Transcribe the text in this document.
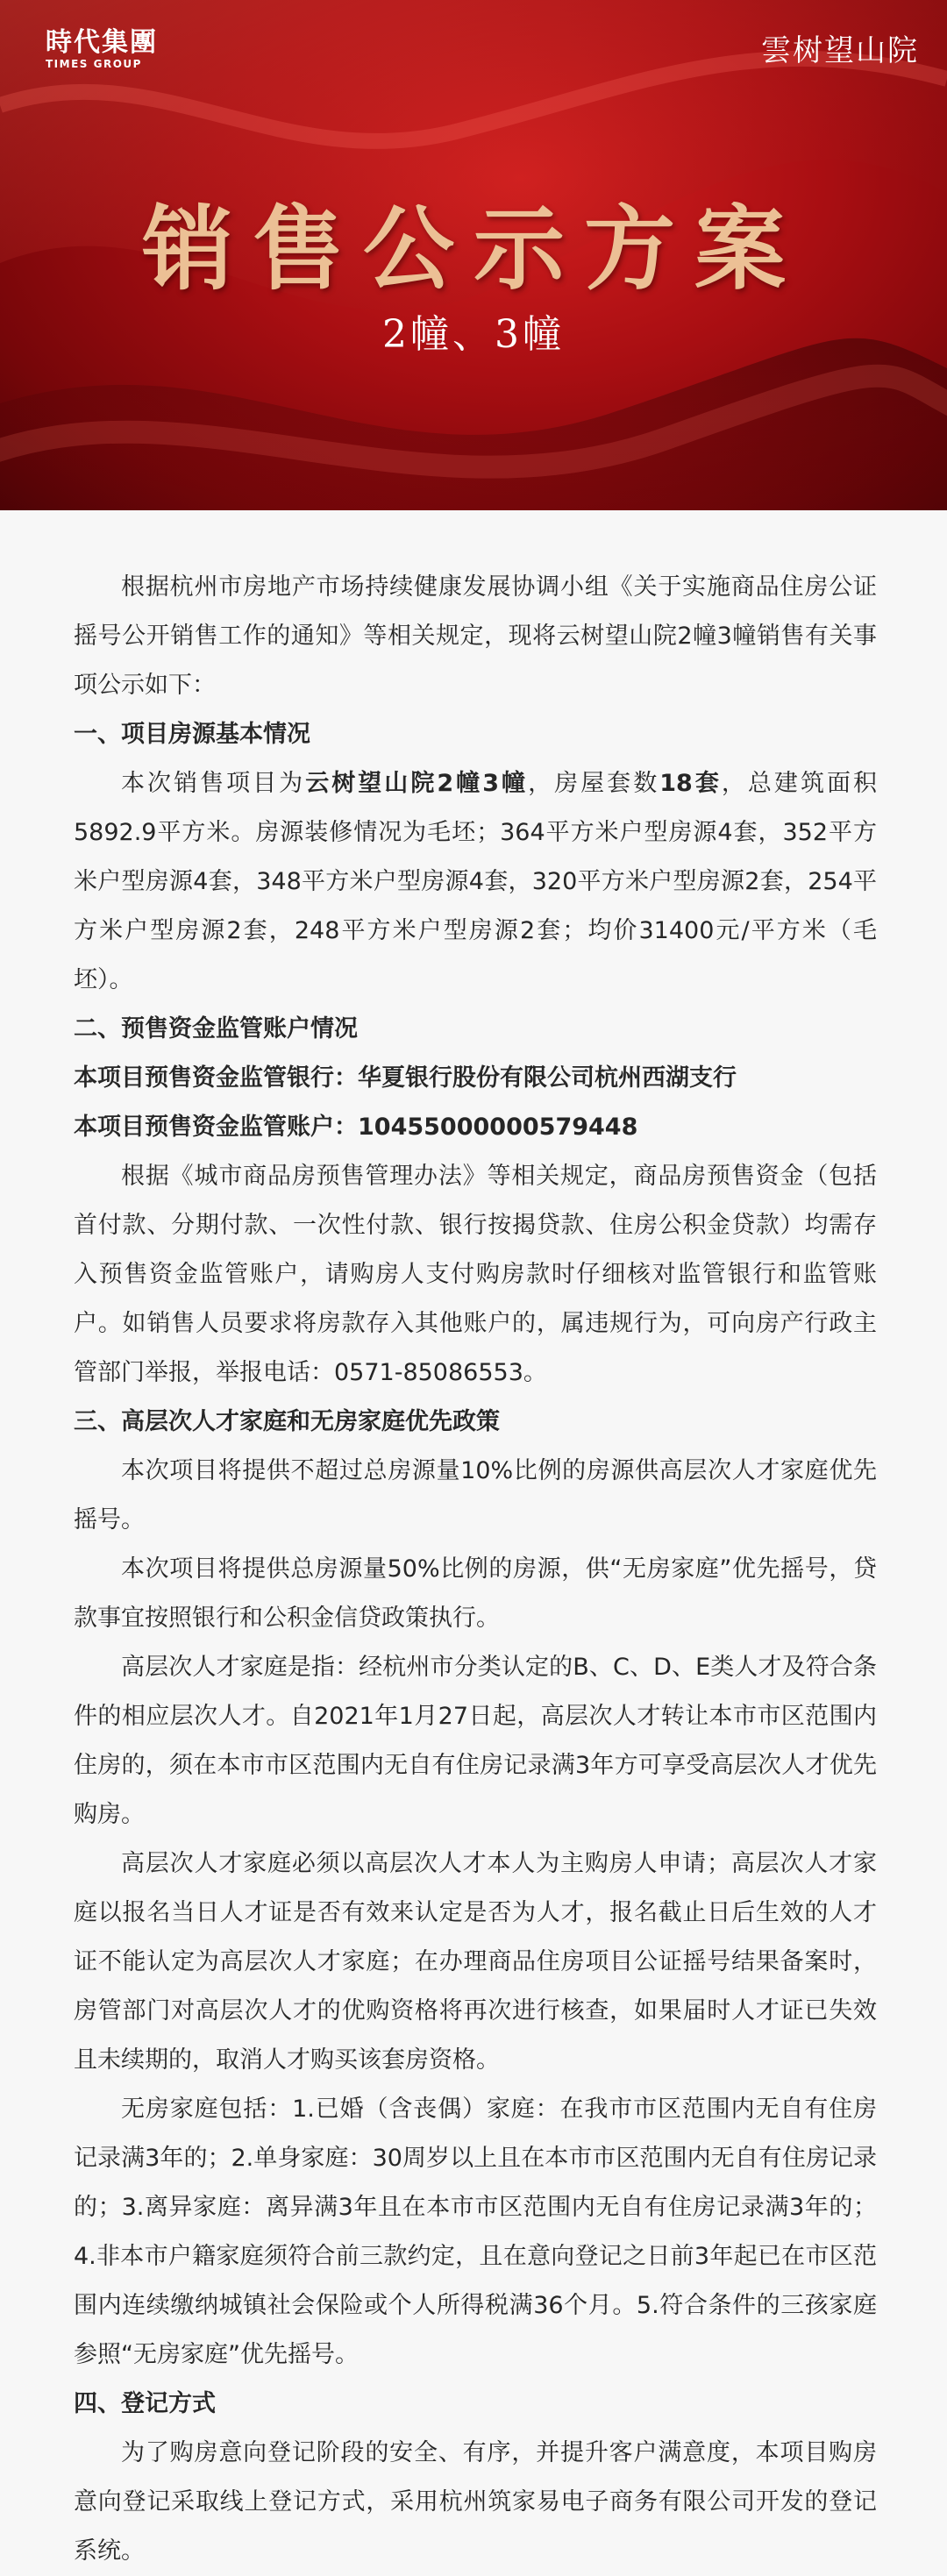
時代集團
TIMES GROUP	雲树望山院
销售公示方案
2幢、3幢

根据杭州市房地产市场持续健康发展协调小组《关于实施商品住房公证摇号公开销售工作的通知》等相关规定，现将云树望山院2幢3幢销售有关事项公示如下：

一、项目房源基本情况

本次销售项目为云树望山院2幢3幢，房屋套数18套，总建筑面积5892.9平方米。房源装修情况为毛坯；364平方米户型房源4套，352平方米户型房源4套，348平方米户型房源4套，320平方米户型房源2套，254平方米户型房源2套，248平方米户型房源2套；均价31400元/平方米（毛坯）。

二、预售资金监管账户情况

本项目预售资金监管银行：华夏银行股份有限公司杭州西湖支行

本项目预售资金监管账户：10455000000579448

根据《城市商品房预售管理办法》等相关规定，商品房预售资金（包括首付款、分期付款、一次性付款、银行按揭贷款、住房公积金贷款）均需存入预售资金监管账户，请购房人支付购房款时仔细核对监管银行和监管账户。如销售人员要求将房款存入其他账户的，属违规行为，可向房产行政主管部门举报，举报电话：0571-85086553。

三、高层次人才家庭和无房家庭优先政策

本次项目将提供不超过总房源量10%比例的房源供高层次人才家庭优先摇号。

本次项目将提供总房源量50%比例的房源，供“无房家庭”优先摇号，贷款事宜按照银行和公积金信贷政策执行。

高层次人才家庭是指：经杭州市分类认定的B、C、D、E类人才及符合条件的相应层次人才。自2021年1月27日起，高层次人才转让本市市区范围内住房的，须在本市市区范围内无自有住房记录满3年方可享受高层次人才优先购房。

高层次人才家庭必须以高层次人才本人为主购房人申请；高层次人才家庭以报名当日人才证是否有效来认定是否为人才，报名截止日后生效的人才证不能认定为高层次人才家庭；在办理商品住房项目公证摇号结果备案时，房管部门对高层次人才的优购资格将再次进行核查，如果届时人才证已失效且未续期的，取消人才购买该套房资格。

无房家庭包括：1.已婚（含丧偶）家庭：在我市市区范围内无自有住房记录满3年的；2.单身家庭：30周岁以上且在本市市区范围内无自有住房记录的；3.离异家庭：离异满3年且在本市市区范围内无自有住房记录满3年的；4.非本市户籍家庭须符合前三款约定，且在意向登记之日前3年起已在市区范围内连续缴纳城镇社会保险或个人所得税满36个月。5.符合条件的三孩家庭参照“无房家庭”优先摇号。

四、登记方式

为了购房意向登记阶段的安全、有序，并提升客户满意度，本项目购房意向登记采取线上登记方式，采用杭州筑家易电子商务有限公司开发的登记系统。
